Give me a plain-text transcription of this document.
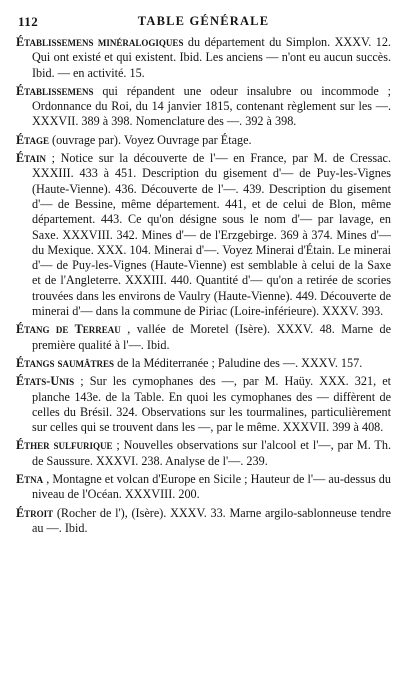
112	TABLE GÉNÉRALE

Établissemens minéralogiques du département du Simplon. XXXV. 12. Qui ont existé et qui existent. Ibid. Les anciens — n'ont eu aucun succès. Ibid. — en activité. 15.

Établissemens qui répandent une odeur insalubre ou incommode ; Ordonnance du Roi, du 14 janvier 1815, contenant règlement sur les —. XXXVII. 389 à 398. Nomenclature des —. 392 à 398.

Étage (ouvrage par). Voyez Ouvrage par Étage.

Étain ; Notice sur la découverte de l'— en France, par M. de Cressac. XXXIII. 433 à 451. Description du gisement d'— de Puy-les-Vignes (Haute-Vienne). 436. Découverte de l'—. 439. Description du gisement d'— de Bessine, même département. 441, et de celui de Blon, même département. 443. Ce qu'on désigne sous le nom d'— par lavage, en Saxe. XXXVIII. 342. Mines d'— de l'Erzgebirge. 369 à 374. Mines d'— du Mexique. XXX. 104. Minerai d'—. Voyez Minerai d'Étain. Le minerai d'— de Puy-les-Vignes (Haute-Vienne) est semblable à celui de la Saxe et de l'Angleterre. XXXIII. 440. Quantité d'— qu'on a retirée de scories trouvées dans les environs de Vaulry (Haute-Vienne). 449. Découverte de minerai d'— dans la commune de Piriac (Loire-inférieure). XXXV. 393.

Étang de Terreau , vallée de Moretel (Isère). XXXV. 48. Marne de première qualité à l'—. Ibid.

Étangs saumâtres de la Méditerranée ; Paludine des —. XXXV. 157.

États-Unis ; Sur les cymophanes des —, par M. Haüy. XXX. 321, et planche 143e. de la Table. En quoi les cymophanes des — diffèrent de celles du Brésil. 324. Observations sur les tourmalines, particulièrement sur celles qui se trouvent dans les —, par le même. XXXVII. 399 à 408.

Éther sulfurique ; Nouvelles observations sur l'alcool et l'—, par M. Th. de Saussure. XXXVI. 238. Analyse de l'—. 239.

Etna , Montagne et volcan d'Europe en Sicile ; Hauteur de l'— au-dessus du niveau de l'Océan. XXXVIII. 200.

Étroit (Rocher de l'), (Isère). XXXV. 33. Marne argilo-sablonneuse tendre au —. Ibid.
